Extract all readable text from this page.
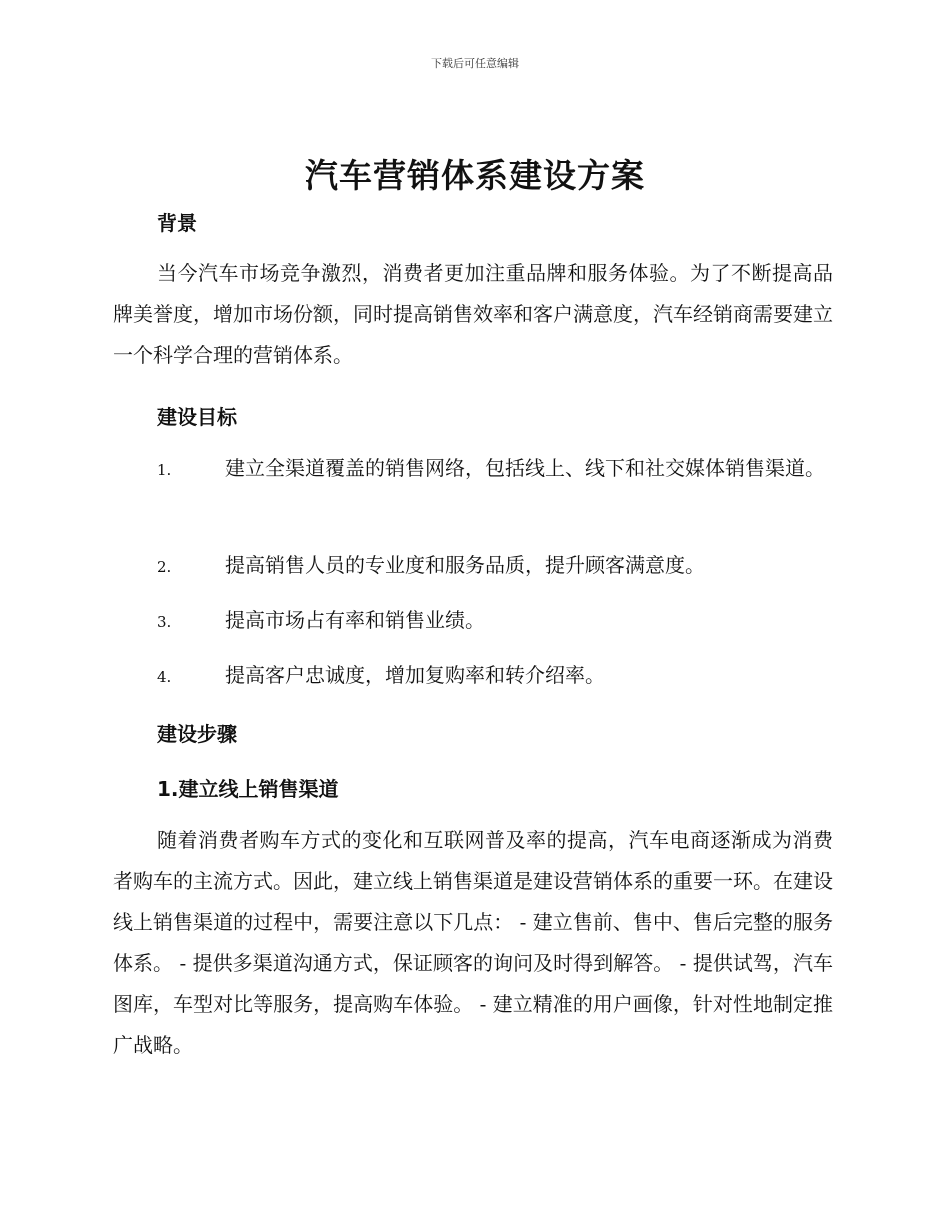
下载后可任意编辑
汽车营销体系建设方案
背景

当今汽车市场竞争激烈，消费者更加注重品牌和服务体验。为了不断提高品牌美誉度，增加市场份额，同时提高销售效率和客户满意度，汽车经销商需要建立一个科学合理的营销体系。

建设目标

1.	建立全渠道覆盖的销售网络，包括线上、线下和社交媒体销售渠道。

2.	提高销售人员的专业度和服务品质，提升顾客满意度。

3.	提高市场占有率和销售业绩。

4.	提高客户忠诚度，增加复购率和转介绍率。

建设步骤
1.建立线上销售渠道

随着消费者购车方式的变化和互联网普及率的提高，汽车电商逐渐成为消费者购车的主流方式。因此，建立线上销售渠道是建设营销体系的重要一环。在建设线上销售渠道的过程中，需要注意以下几点： - 建立售前、售中、售后完整的服务体系。 - 提供多渠道沟通方式，保证顾客的询问及时得到解答。 - 提供试驾，汽车图库，车型对比等服务，提高购车体验。 - 建立精准的用户画像，针对性地制定推广战略。
